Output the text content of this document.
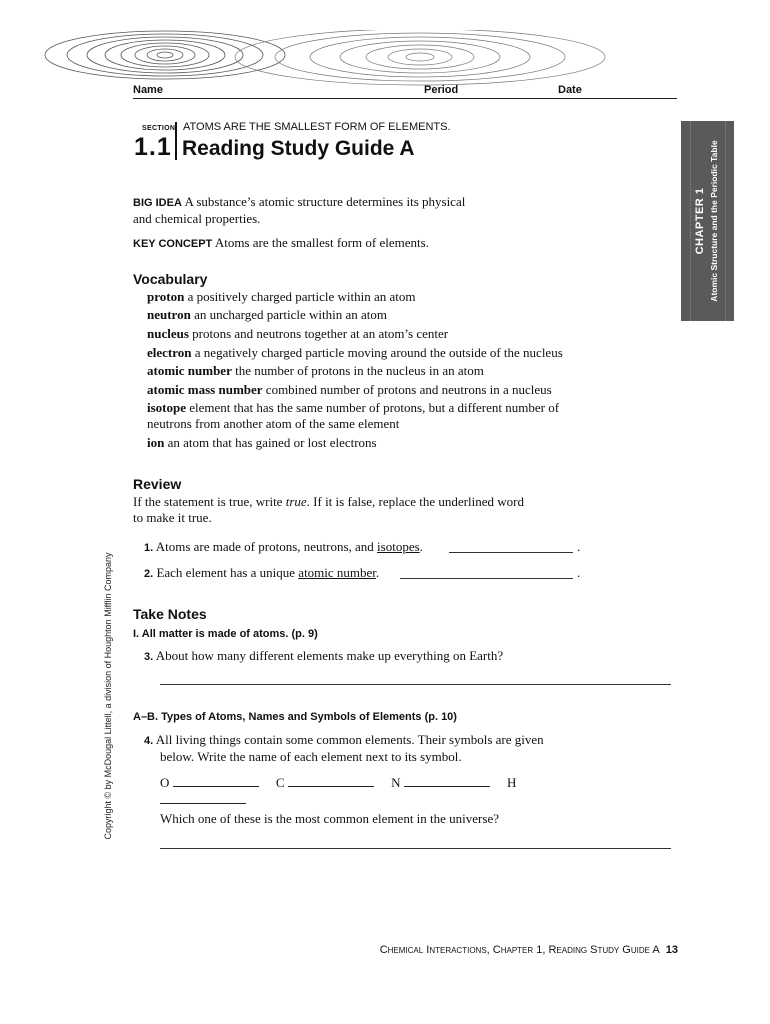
Name	Period	Date
SECTION
1.1
ATOMS ARE THE SMALLEST FORM OF ELEMENTS.
Reading Study Guide A
CHAPTER 1 Atomic Structure and the Periodic Table
Copyright © by McDougal Littell, a division of Houghton Mifflin Company
BIG IDEA A substance’s atomic structure determines its physical
and chemical properties.
KEY CONCEPT Atoms are the smallest form of elements.
Vocabulary
proton a positively charged particle within an atom
neutron an uncharged particle within an atom
nucleus protons and neutrons together at an atom’s center
electron a negatively charged particle moving around the outside of the nucleus
atomic number the number of protons in the nucleus in an atom
atomic mass number combined number of protons and neutrons in a nucleus
isotope element that has the same number of protons, but a different number of
neutrons from another atom of the same element
ion an atom that has gained or lost electrons
Review
If the statement is true, write true. If it is false, replace the underlined word
to make it true.
1. Atoms are made of protons, neutrons, and isotopes.	.
2. Each element has a unique atomic number.	.
Take Notes
I. All matter is made of atoms. (p. 9)
3. About how many different elements make up everything on Earth?
A–B. Types of Atoms, Names and Symbols of Elements (p. 10)
4. All living things contain some common elements. Their symbols are given
below. Write the name of each element next to its symbol.
O	C	N	H
Which one of these is the most common element in the universe?
Chemical Interactions, Chapter 1, Reading Study Guide A 13
